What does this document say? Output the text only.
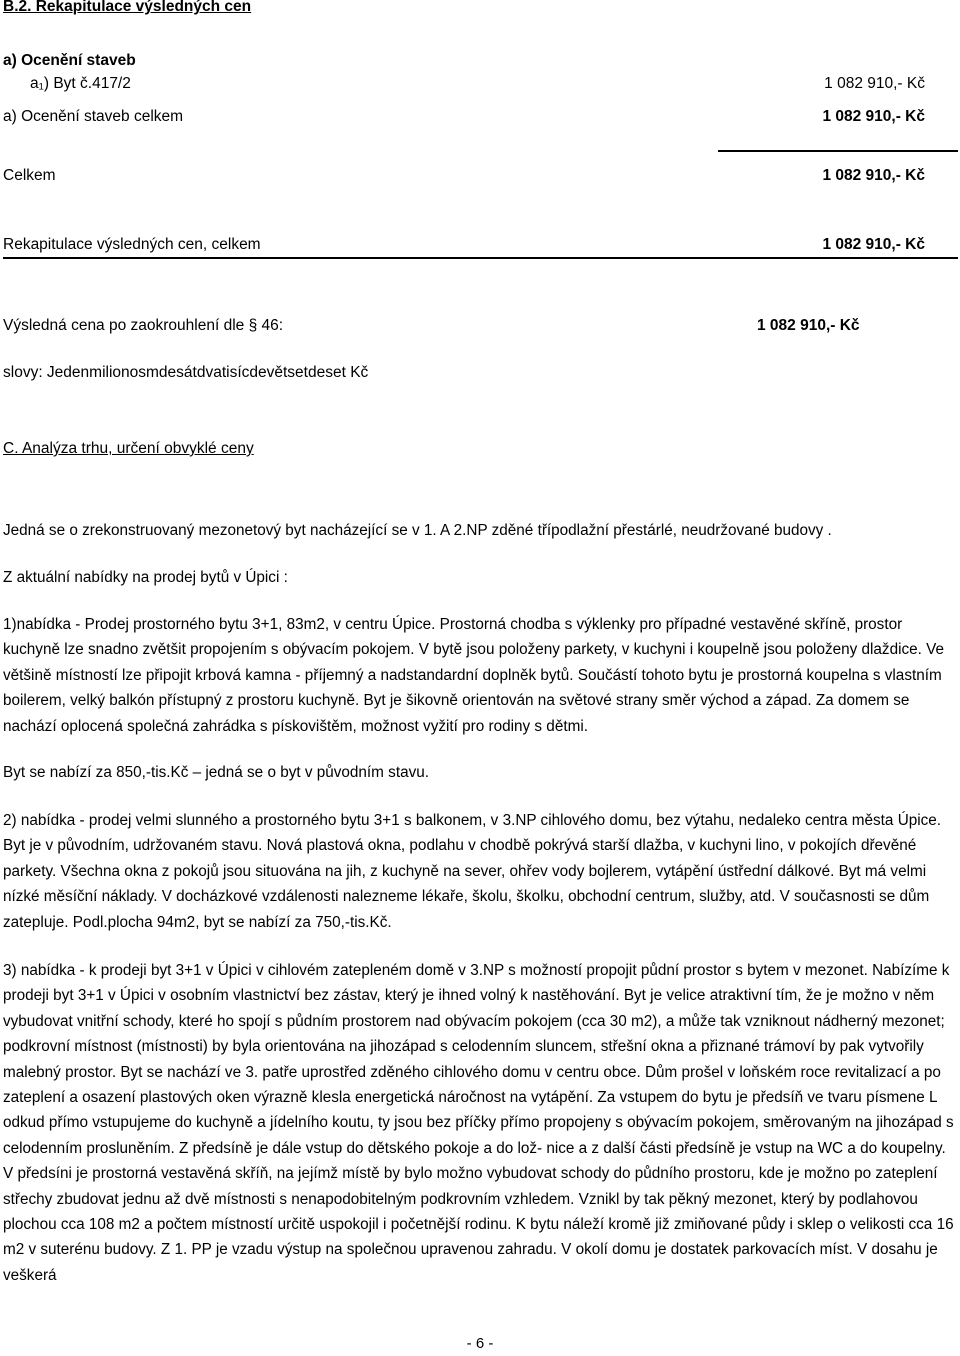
B.2. Rekapitulace výsledných cen
a) Ocenění staveb
a₁) Byt č.417/2	1 082 910,- Kč
a) Ocenění staveb celkem	1 082 910,- Kč
Celkem	1 082 910,- Kč
Rekapitulace výsledných cen, celkem	1 082 910,- Kč
Výsledná cena po zaokrouhlení dle § 46:	1 082 910,- Kč
slovy: Jedenmilionosmdesátdvatisícdevětsetdeset Kč
C. Analýza trhu, určení obvyklé ceny
Jedná se o zrekonstruovaný mezonetový byt nacházející se v 1. A 2.NP zděné třípodlažní přestárlé, neudržované budovy .
Z aktuální nabídky na prodej bytů v Úpici :

1)nabídka - Prodej prostorného bytu 3+1, 83m2, v centru Úpice. Prostorná chodba s výklenky pro případné vestavěné skříně, prostor kuchyně lze snadno zvětšit propojením s obývacím pokojem. V bytě jsou položeny parkety, v kuchyni i koupelně jsou položeny dlaždice. Ve většině místností lze připojit krbová kamna - příjemný a nadstandardní doplněk bytů. Součástí tohoto bytu je prostorná koupelna s vlastním boilerem, velký balkón přístupný z prostoru kuchyně. Byt je šikovně orientován na světové strany směr východ a západ. Za domem se nachází oplocená společná zahrádka s pískovištěm, možnost vyžití pro rodiny s dětmi.

Byt se nabízí za 850,-tis.Kč – jedná se o byt v původním stavu.

2) nabídka - prodej velmi slunného a prostorného bytu 3+1 s balkonem, v 3.NP cihlového domu, bez výtahu, nedaleko centra města Úpice. Byt je v původním, udržovaném stavu. Nová plastová okna, podlahu v chodbě pokrývá starší dlažba, v kuchyni lino, v pokojích dřevěné parkety. Všechna okna z pokojů jsou situována na jih, z kuchyně na sever, ohřev vody bojlerem, vytápění ústřední dálkové. Byt má velmi nízké měsíční náklady. V docházkové vzdálenosti nalezneme lékaře, školu, školku, obchodní centrum, služby, atd. V současnosti se dům zatepluje. Podl.plocha 94m2, byt se nabízí za 750,-tis.Kč.

3) nabídka - k prodeji byt 3+1 v Úpici v cihlovém zatepleném domě v 3.NP s možností propojit půdní prostor s bytem v mezonet. Nabízíme k prodeji byt 3+1 v Úpici v osobním vlastnictví bez zástav, který je ihned volný k nastěhování. Byt je velice atraktivní tím, že je možno v něm vybudovat vnitřní schody, které ho spojí s půdním prostorem nad obývacím pokojem (cca 30 m2), a může tak vzniknout nádherný mezonet; podkrovní místnost (místnosti) by byla orientována na jihozápad s celodenním sluncem, střešní okna a přiznané trámoví by pak vytvořily malebný prostor. Byt se nachází ve 3. patře uprostřed zděného cihlového domu v centru obce. Dům prošel v loňském roce revitalizací a po zateplení a osazení plastových oken výrazně klesla energetická náročnost na vytápění. Za vstupem do bytu je předsíň ve tvaru písmene L odkud přímo vstupujeme do kuchyně a jídelního koutu, ty jsou bez příčky přímo propojeny s obývacím pokojem, směrovaným na jihozápad s celodenním prosluněním. Z předsíně je dále vstup do dětského pokoje a do lož- nice a z další části předsíně je vstup na WC a do koupelny. V předsíni je prostorná vestavěná skříň, na jejímž místě by bylo možno vybudovat schody do půdního prostoru, kde je možno po zateplení střechy zbudovat jednu až dvě místnosti s nenapodobitelným podkrovním vzhledem. Vznikl by tak pěkný mezonet, který by podlahovou plochou cca 108 m2 a počtem místností určitě uspokojil i početnější rodinu. K bytu náleží kromě již zmiňované půdy i sklep o velikosti cca 16 m2 v suterénu budovy. Z 1. PP je vzadu výstup na společnou upravenou zahradu. V okolí domu je dostatek parkovacích míst. V dosahu je veškerá

- 6 -
